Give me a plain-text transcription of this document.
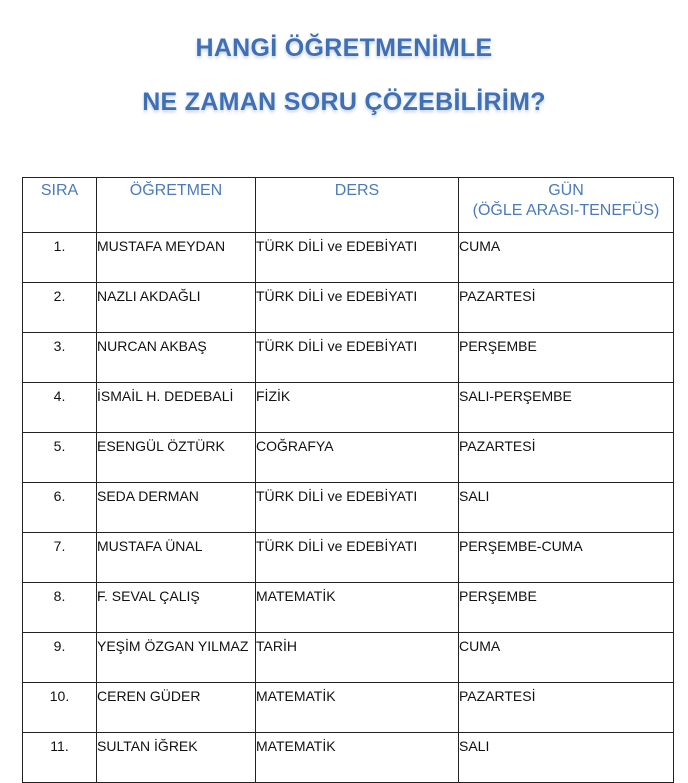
HANGİ ÖĞRETMENİMLE
NE ZAMAN SORU ÇÖZEBİLİRİM?
SIRA	ÖĞRETMEN	DERS	GÜN
(ÖĞLE ARASI-TENEFÜS)

1.	MUSTAFA MEYDAN	TÜRK DİLİ ve EDEBİYATI	CUMA
2.	NAZLI AKDAĞLI	TÜRK DİLİ ve EDEBİYATI	PAZARTESİ
3.	NURCAN AKBAŞ	TÜRK DİLİ ve EDEBİYATI	PERŞEMBE
4.	İSMAİL H. DEDEBALİ	FİZİK	SALI-PERŞEMBE
5.	ESENGÜL ÖZTÜRK	COĞRAFYA	PAZARTESİ
6.	SEDA DERMAN	TÜRK DİLİ ve EDEBİYATI	SALI
7.	MUSTAFA ÜNAL	TÜRK DİLİ ve EDEBİYATI	PERŞEMBE-CUMA
8.	F. SEVAL ÇALIŞ	MATEMATİK	PERŞEMBE
9.	YEŞİM ÖZGAN YILMAZ	TARİH	CUMA
10.	CEREN GÜDER	MATEMATİK	PAZARTESİ
11.	SULTAN İĞREK	MATEMATİK	SALI
